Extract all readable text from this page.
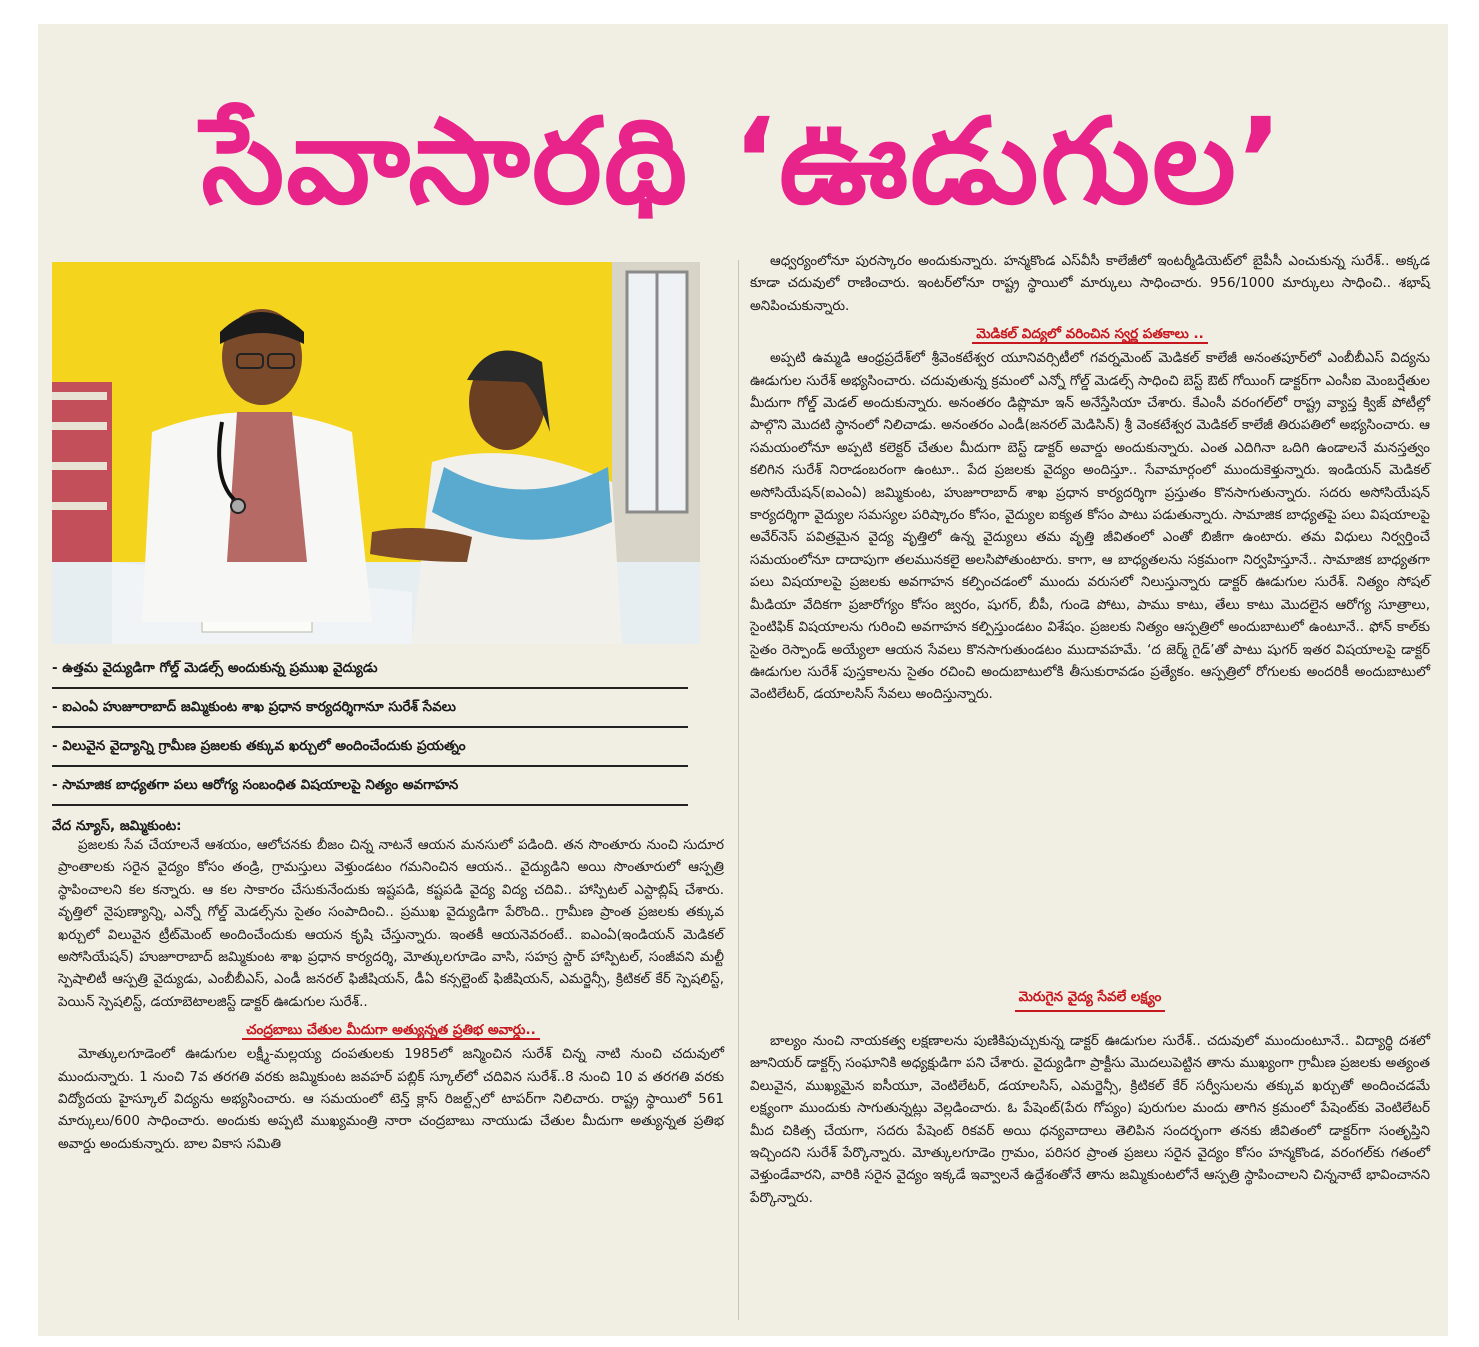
సేవాసారథి ‘ఊడుగుల’
- ఉత్తమ వైద్యుడిగా గోల్డ్ మెడల్స్ అందుకున్న ప్రముఖ వైద్యుడు
- ఐఎంఏ హుజూరాబాద్ జమ్మికుంట శాఖ ప్రధాన కార్యదర్శిగానూ సురేశ్ సేవలు
- విలువైన వైద్యాన్ని గ్రామీణ ప్రజలకు తక్కువ ఖర్చులో అందించేందుకు ప్రయత్నం
- సామాజిక బాధ్యతగా పలు ఆరోగ్య సంబంధిత విషయాలపై నిత్యం అవగాహన
వేద న్యూస్, జమ్మికుంట:

ప్రజలకు సేవ చేయాలనే ఆశయం, ఆలోచనకు బీజం చిన్న నాటనే ఆయన మనసులో పడింది. తన సొంతూరు నుంచి సుదూర ప్రాంతాలకు సరైన వైద్యం కోసం తండ్రి, గ్రామస్తులు వెళ్తుండటం గమనించిన ఆయన.. వైద్యుడిని అయి సొంతూరులో ఆస్పత్రి స్థాపించాలని కల కన్నారు. ఆ కల సాకారం చేసుకునేందుకు ఇష్టపడి, కష్టపడి వైద్య విద్య చదివి.. హాస్పిటల్ ఎస్టాబ్లిష్ చేశారు. వృత్తిలో నైపుణ్యాన్ని, ఎన్నో గోల్డ్ మెడల్స్‌ను సైతం సంపాదించి.. ప్రముఖ వైద్యుడిగా పేరొంది.. గ్రామీణ ప్రాంత ప్రజలకు తక్కువ ఖర్చులో విలువైన ట్రీట్‌మెంట్ అందించేందుకు ఆయన కృషి చేస్తున్నారు. ఇంతకీ ఆయనెవరంటే.. ఐఎంఏ(ఇండియన్ మెడికల్ అసోసియేషన్) హుజూరాబాద్ జమ్మికుంట శాఖ ప్రధాన కార్యదర్శి, మోత్కులగూడెం వాసి, సహస్ర స్టార్ హాస్పిటల్, సంజీవని మల్టీ స్పెషాలిటీ ఆస్పత్రి వైద్యుడు, ఎంబీబీఎస్, ఎండీ జనరల్ ఫిజీషియన్, డీఏ కన్సల్టెంట్ ఫిజీషియన్, ఎమర్జెన్సీ, క్రిటికల్ కేర్ స్పెషలిస్ట్, పెయిన్ స్పెషలిస్ట్, డయాబెటాలజిస్ట్ డాక్టర్ ఊడుగుల సురేశ్..

చంద్రబాబు చేతుల మీదుగా అత్యున్నత ప్రతిభ అవార్డు..

మోత్కులగూడెంలో ఊడుగుల లక్ష్మీ-మల్లయ్య దంపతులకు 1985లో జన్మించిన సురేశ్ చిన్న నాటి నుంచి చదువులో ముందున్నారు. 1 నుంచి 7వ తరగతి వరకు జమ్మికుంట జవహర్ పబ్లిక్ స్కూల్‌లో చదివిన సురేశ్..8 నుంచి 10 వ తరగతి వరకు విద్యోదయ హైస్కూల్ విద్యను అభ్యసించారు. ఆ సమయంలో టెన్త్ క్లాస్ రిజల్ట్స్‌లో టాపర్‌గా నిలిచారు. రాష్ట్ర స్థాయిలో 561 మార్కులు/600 సాధించారు. అందుకు అప్పటి ముఖ్యమంత్రి నారా చంద్రబాబు నాయుడు చేతుల మీదుగా అత్యున్నత ప్రతిభ అవార్డు అందుకున్నారు. బాల వికాస సమితి

ఆధ్వర్యంలోనూ పురస్కారం అందుకున్నారు. హన్మకొండ ఎస్‌వీసీ కాలేజీలో ఇంటర్మీడియెట్‌లో బైపీసీ ఎంచుకున్న సురేశ్.. అక్కడ కూడా చదువులో రాణించారు. ఇంటర్‌లోనూ రాష్ట్ర స్థాయిలో మార్కులు సాధించారు. 956/1000 మార్కులు సాధించి.. శభాష్ అనిపించుకున్నారు.

మెడికల్ విద్యలో వరించిన స్వర్ణ పతకాలు ..

అప్పటి ఉమ్మడి ఆంధ్రప్రదేశ్‌లో శ్రీవెంకటేశ్వర యూనివర్సిటీలో గవర్నమెంట్ మెడికల్ కాలేజీ అనంతపూర్‌లో ఎంబీబీఎస్ విద్యను ఊడుగుల సురేశ్ అభ్యసించారు. చదువుతున్న క్రమంలో ఎన్నో గోల్డ్ మెడల్స్ సాధించి బెస్ట్ ఔట్ గోయింగ్ డాక్టర్‌గా ఎంసీఐ మెంబర్షేతుల మీదుగా గోల్డ్ మెడల్ అందుకున్నారు. అనంతరం డిప్లొమా ఇన్ అనేస్తేసియా చేశారు. కేఎంసీ వరంగల్‌లో రాష్ట్ర వ్యాప్త క్విజ్ పోటీల్లో పాల్గొని మొదటి స్థానంలో నిలిచాడు. అనంతరం ఎండీ(జనరల్ మెడిసిన్) శ్రీ వెంకటేశ్వర మెడికల్ కాలేజీ తిరుపతిలో అభ్యసించారు. ఆ సమయంలోనూ అప్పటి కలెక్టర్ చేతుల మీదుగా బెస్ట్ డాక్టర్ అవార్డు అందుకున్నారు. ఎంత ఎదిగినా ఒదిగి ఉండాలనే మనస్తత్వం కలిగిన సురేశ్ నిరాడంబరంగా ఉంటూ.. పేద ప్రజలకు వైద్యం అందిస్తూ.. సేవామార్గంలో ముందుకెళ్తున్నారు. ఇండియన్ మెడికల్ అసోసియేషన్(ఐఎంఏ) జమ్మికుంట, హుజూరాబాద్ శాఖ ప్రధాన కార్యదర్శిగా ప్రస్తుతం కొనసాగుతున్నారు. సదరు అసోసియేషన్ కార్యదర్శిగా వైద్యుల సమస్యల పరిష్కారం కోసం, వైద్యుల ఐక్యత కోసం పాటు పడుతున్నారు. సామాజిక బాధ్యతపై పలు విషయాలపై అవేర్‌నెస్ పవిత్రమైన వైద్య వృత్తిలో ఉన్న వైద్యులు తమ వృత్తి జీవితంలో ఎంతో బిజీగా ఉంటారు. తమ విధులు నిర్వర్తించే సమయంలోనూ దాదాపుగా తలమునకలై అలసిపోతుంటారు. కాగా, ఆ బాధ్యతలను సక్రమంగా నిర్వహిస్తూనే.. సామాజిక బాధ్యతగా పలు విషయాలపై ప్రజలకు అవగాహన కల్పించడంలో ముందు వరుసలో నిలుస్తున్నారు డాక్టర్ ఊడుగుల సురేశ్. నిత్యం సోషల్ మీడియా వేదికగా ప్రజారోగ్యం కోసం జ్వరం, షుగర్, బీపీ, గుండె పోటు, పాము కాటు, తేలు కాటు మొదలైన ఆరోగ్య సూత్రాలు, సైంటిఫిక్ విషయాలను గురించి అవగాహన కల్పిస్తుండటం విశేషం. ప్రజలకు నిత్యం ఆస్పత్రిలో అందుబాటులో ఉంటూనే.. ఫోన్ కాల్‌కు సైతం రెస్పాండ్ అయ్యేలా ఆయన సేవలు కొనసాగుతుండటం ముదావహమే. ‘ద జెర్మ్ గైడ్’తో పాటు షుగర్ ఇతర విషయాలపై డాక్టర్ ఊడుగుల సురేశ్ పుస్తకాలను సైతం రచించి అందుబాటులోకి తీసుకురావడం ప్రత్యేకం. ఆస్పత్రిలో రోగులకు అందరికీ అందుబాటులో వెంటిలేటర్, డయాలసిస్ సేవలు అందిస్తున్నారు.

మెరుగైన వైద్య సేవలే లక్ష్యం

బాల్యం నుంచి నాయకత్వ లక్షణాలను పుణికిపుచ్చుకున్న డాక్టర్ ఊడుగుల సురేశ్.. చదువులో ముందుంటూనే.. విద్యార్థి దశలో జూనియర్ డాక్టర్స్ సంఘానికి అధ్యక్షుడిగా పని చేశారు. వైద్యుడిగా ప్రాక్టీసు మొదలుపెట్టిన తాను ముఖ్యంగా గ్రామీణ ప్రజలకు అత్యంత విలువైన, ముఖ్యమైన ఐసీయూ, వెంటిలేటర్, డయాలసిస్, ఎమర్జెన్సీ, క్రిటికల్ కేర్ సర్వీసులను తక్కువ ఖర్చుతో అందించడమే లక్ష్యంగా ముందుకు సాగుతున్నట్లు వెల్లడించారు. ఓ పేషెంట్(పేరు గోప్యం) పురుగుల మందు తాగిన క్రమంలో పేషెంట్‌కు వెంటిలేటర్ మీద చికిత్స చేయగా, సదరు పేషెంట్ రికవర్ అయి ధన్యవాదాలు తెలిపిన సందర్భంగా తనకు జీవితంలో డాక్టర్‌గా సంతృప్తిని ఇచ్చిందని సురేశ్ పేర్కొన్నారు. మోత్కులగూడెం గ్రామం, పరిసర ప్రాంత ప్రజలు సరైన వైద్యం కోసం హన్మకొండ, వరంగల్‌కు గతంలో వెళ్తుండేవారని, వారికి సరైన వైద్యం ఇక్కడే ఇవ్వాలనే ఉద్దేశంతోనే తాను జమ్మికుంటలోనే ఆస్పత్రి స్థాపించాలని చిన్ననాటే భావించానని పేర్కొన్నారు.
